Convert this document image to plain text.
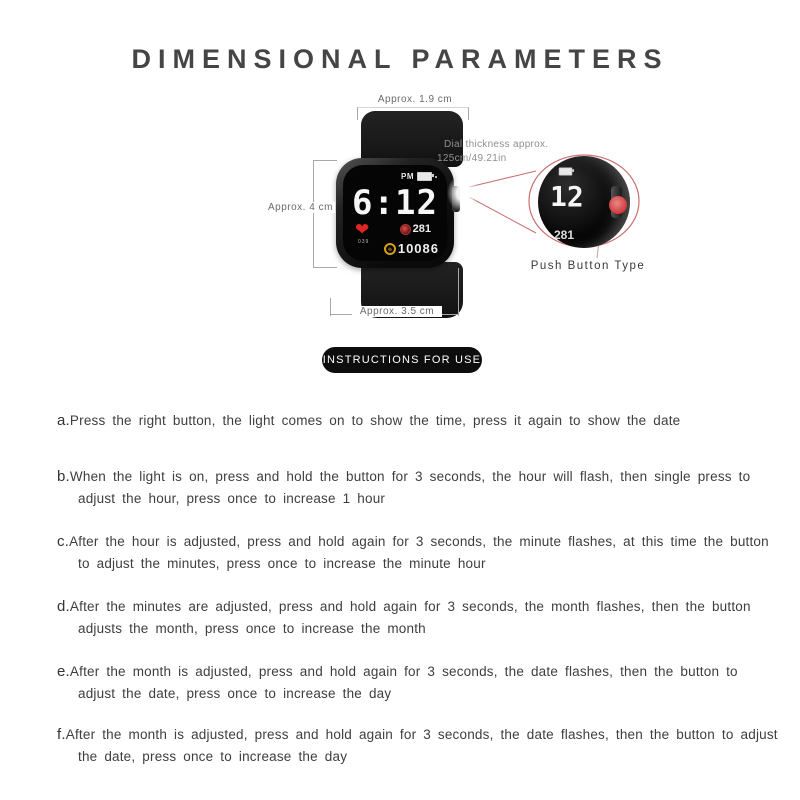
DIMENSIONAL PARAMETERS
PM
6:12
❤
039
281
10086
Approx. 1.9 cm
Approx. 4 cm
Approx. 3.5 cm
Dial thickness approx.
125cm/49.21in
12
281
Push Button Type
INSTRUCTIONS FOR USE

a.Press the right button, the light comes on to show the time, press it again to show the date

b.When the light is on, press and hold the button for 3 seconds, the hour will flash, then single press to adjust the hour, press once to increase 1 hour

c.After the hour is adjusted, press and hold again for 3 seconds, the minute flashes, at this time the button to adjust the minutes, press once to increase the minute hour

d.After the minutes are adjusted, press and hold again for 3 seconds, the month flashes, then the button adjusts the month, press once to increase the month

e.After the month is adjusted, press and hold again for 3 seconds, the date flashes, then the button to adjust the date, press once to increase the day

f.After the month is adjusted, press and hold again for 3 seconds, the date flashes, then the button to adjust the date, press once to increase the day
